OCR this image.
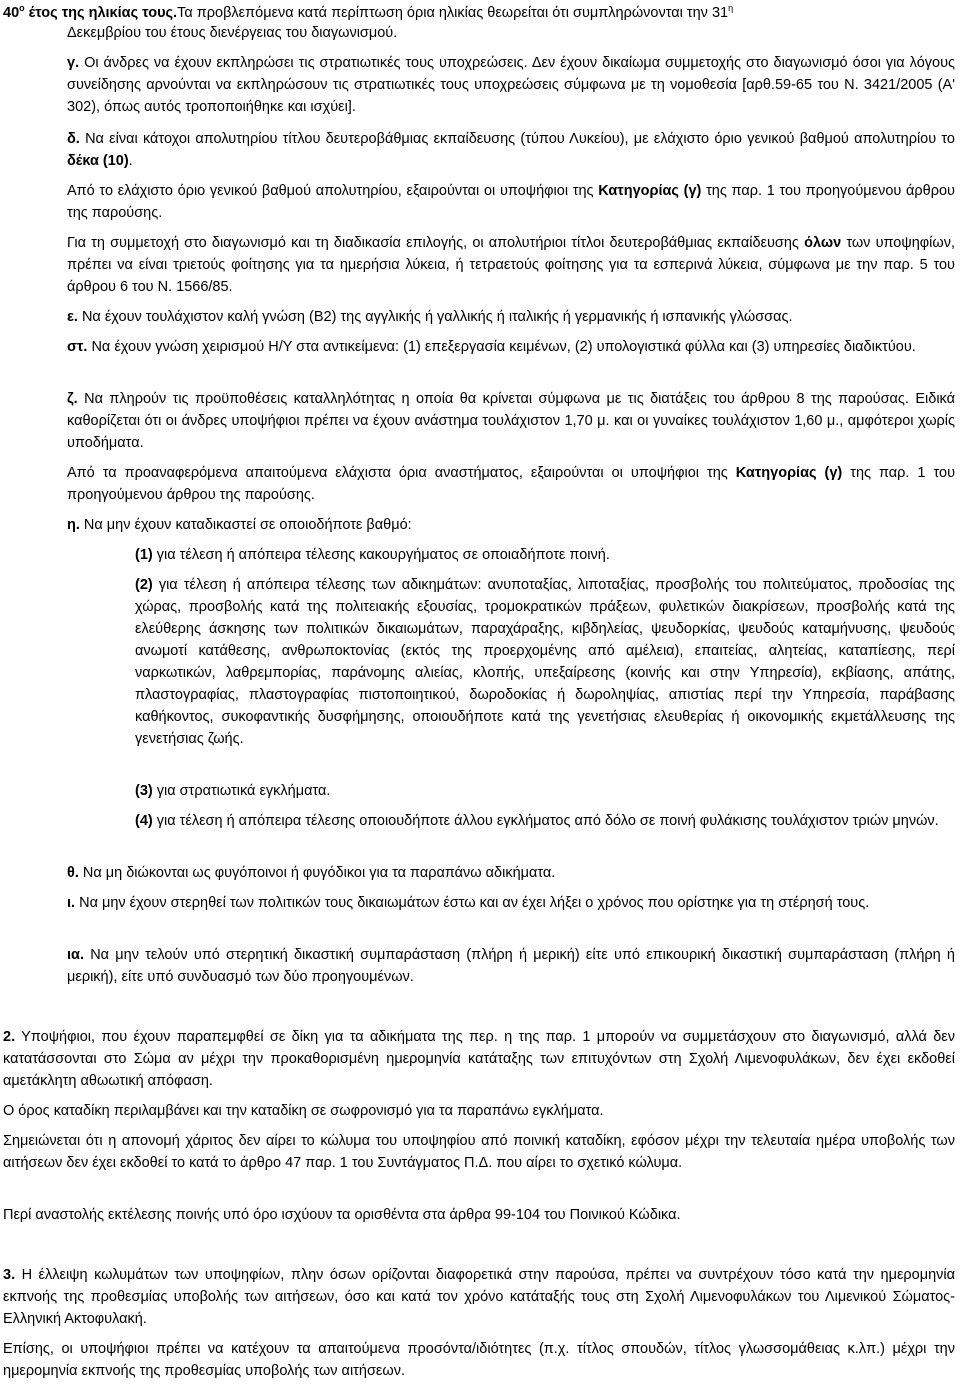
$40^o$ έτος της ηλικίας τους.Τα προβλεπόμενα κατά περίπτωση όρια ηλικίας θεωρείται ότι συμπληρώνονται την $31^\eta$
Δεκεμβρίου του έτους διενέργειας του διαγωνισμού.
γ. Οι άνδρες να έχουν εκπληρώσει τις στρατιωτικές τους υποχρεώσεις. Δεν έχουν δικαίωμα συμμετοχής στο διαγωνισμό όσοι για λόγους συνείδησης αρνούνται να εκπληρώσουν τις στρατιωτικές τους υποχρεώσεις σύμφωνα με τη νομοθεσία [αρθ.59-65 του Ν. 3421/2005 (Α' 302), όπως αυτός τροποποιήθηκε και ισχύει].
δ. Να είναι κάτοχοι απολυτηρίου τίτλου δευτεροβάθμιας εκπαίδευσης (τύπου Λυκείου), με ελάχιστο όριο γενικού βαθμού απολυτηρίου το δέκα (10).
Από το ελάχιστο όριο γενικού βαθμού απολυτηρίου, εξαιρούνται οι υποψήφιοι της Κατηγορίας (γ) της παρ. 1 του προηγούμενου άρθρου της παρούσης.
Για τη συμμετοχή στο διαγωνισμό και τη διαδικασία επιλογής, οι απολυτήριοι τίτλοι δευτεροβάθμιας εκπαίδευσης όλων των υποψηφίων, πρέπει να είναι τριετούς φοίτησης για τα ημερήσια λύκεια, ή τετραετούς φοίτησης για τα εσπερινά λύκεια, σύμφωνα με την παρ. 5 του άρθρου 6 του Ν. 1566/85.
ε. Να έχουν τουλάχιστον καλή γνώση (Β2) της αγγλικής ή γαλλικής ή ιταλικής ή γερμανικής ή ισπανικής γλώσσας.
στ. Να έχουν γνώση χειρισμού Η/Υ στα αντικείμενα: (1) επεξεργασία κειμένων, (2) υπολογιστικά φύλλα και (3) υπηρεσίες διαδικτύου.
ζ. Να πληρούν τις προϋποθέσεις καταλληλότητας η οποία θα κρίνεται σύμφωνα με τις διατάξεις του άρθρου 8 της παρούσας. Ειδικά καθορίζεται ότι οι άνδρες υποψήφιοι πρέπει να έχουν ανάστημα τουλάχιστον 1,70 μ. και οι γυναίκες τουλάχιστον 1,60 μ., αμφότεροι χωρίς υποδήματα.
Από τα προαναφερόμενα απαιτούμενα ελάχιστα όρια αναστήματος, εξαιρούνται οι υποψήφιοι της Κατηγορίας (γ) της παρ. 1 του προηγούμενου άρθρου της παρούσης.
η. Να μην έχουν καταδικαστεί σε οποιοδήποτε βαθμό:
(1) για τέλεση ή απόπειρα τέλεσης κακουργήματος σε οποιαδήποτε ποινή.
(2) για τέλεση ή απόπειρα τέλεσης των αδικημάτων: ανυποταξίας, λιποταξίας, προσβολής του πολιτεύματος, προδοσίας της χώρας, προσβολής κατά της πολιτειακής εξουσίας, τρομοκρατικών πράξεων, φυλετικών διακρίσεων, προσβολής κατά της ελεύθερης άσκησης των πολιτικών δικαιωμάτων, παραχάραξης, κιβδηλείας, ψευδορκίας, ψευδούς καταμήνυσης, ψευδούς ανωμοτί κατάθεσης, ανθρωποκτονίας (εκτός της προερχομένης από αμέλεια), επαιτείας, αλητείας, καταπίεσης, περί ναρκωτικών, λαθρεμπορίας, παράνομης αλιείας, κλοπής, υπεξαίρεσης (κοινής και στην Υπηρεσία), εκβίασης, απάτης, πλαστογραφίας, πλαστογραφίας πιστοποιητικού, δωροδοκίας ή δωροληψίας, απιστίας περί την Υπηρεσία, παράβασης καθήκοντος, συκοφαντικής δυσφήμησης, οποιουδήποτε κατά της γενετήσιας ελευθερίας ή οικονομικής εκμετάλλευσης της γενετήσιας ζωής.
(3) για στρατιωτικά εγκλήματα.
(4) για τέλεση ή απόπειρα τέλεσης οποιουδήποτε άλλου εγκλήματος από δόλο σε ποινή φυλάκισης τουλάχιστον τριών μηνών.
θ. Να μη διώκονται ως φυγόποινοι ή φυγόδικοι για τα παραπάνω αδικήματα.
ι. Να μην έχουν στερηθεί των πολιτικών τους δικαιωμάτων έστω και αν έχει λήξει ο χρόνος που ορίστηκε για τη στέρησή τους.
ια. Να μην τελούν υπό στερητική δικαστική συμπαράσταση (πλήρη ή μερική) είτε υπό επικουρική δικαστική συμπαράσταση (πλήρη ή μερική), είτε υπό συνδυασμό των δύο προηγουμένων.
2. Υποψήφιοι, που έχουν παραπεμφθεί σε δίκη για τα αδικήματα της περ. η της παρ. 1 μπορούν να συμμετάσχουν στο διαγωνισμό, αλλά δεν κατατάσσονται στο Σώμα αν μέχρι την προκαθορισμένη ημερομηνία κατάταξης των επιτυχόντων στη Σχολή Λιμενοφυλάκων, δεν έχει εκδοθεί αμετάκλητη αθωωτική απόφαση.
Ο όρος καταδίκη περιλαμβάνει και την καταδίκη σε σωφρονισμό για τα παραπάνω εγκλήματα.
Σημειώνεται ότι η απονομή χάριτος δεν αίρει το κώλυμα του υποψηφίου από ποινική καταδίκη, εφόσον μέχρι την τελευταία ημέρα υποβολής των αιτήσεων δεν έχει εκδοθεί το κατά το άρθρο 47 παρ. 1 του Συντάγματος Π.Δ. που αίρει το σχετικό κώλυμα.
Περί αναστολής εκτέλεσης ποινής υπό όρο ισχύουν τα ορισθέντα στα άρθρα 99-104 του Ποινικού Κώδικα.
3. Η έλλειψη κωλυμάτων των υποψηφίων, πλην όσων ορίζονται διαφορετικά στην παρούσα, πρέπει να συντρέχουν τόσο κατά την ημερομηνία εκπνοής της προθεσμίας υποβολής των αιτήσεων, όσο και κατά τον χρόνο κατάταξής τους στη Σχολή Λιμενοφυλάκων του Λιμενικού Σώματος-Ελληνική Ακτοφυλακή.
Επίσης, οι υποψήφιοι πρέπει να κατέχουν τα απαιτούμενα προσόντα/ιδιότητες (π.χ. τίτλος σπουδών, τίτλος γλωσσομάθειας κ.λπ.) μέχρι την ημερομηνία εκπνοής της προθεσμίας υποβολής των αιτήσεων.
